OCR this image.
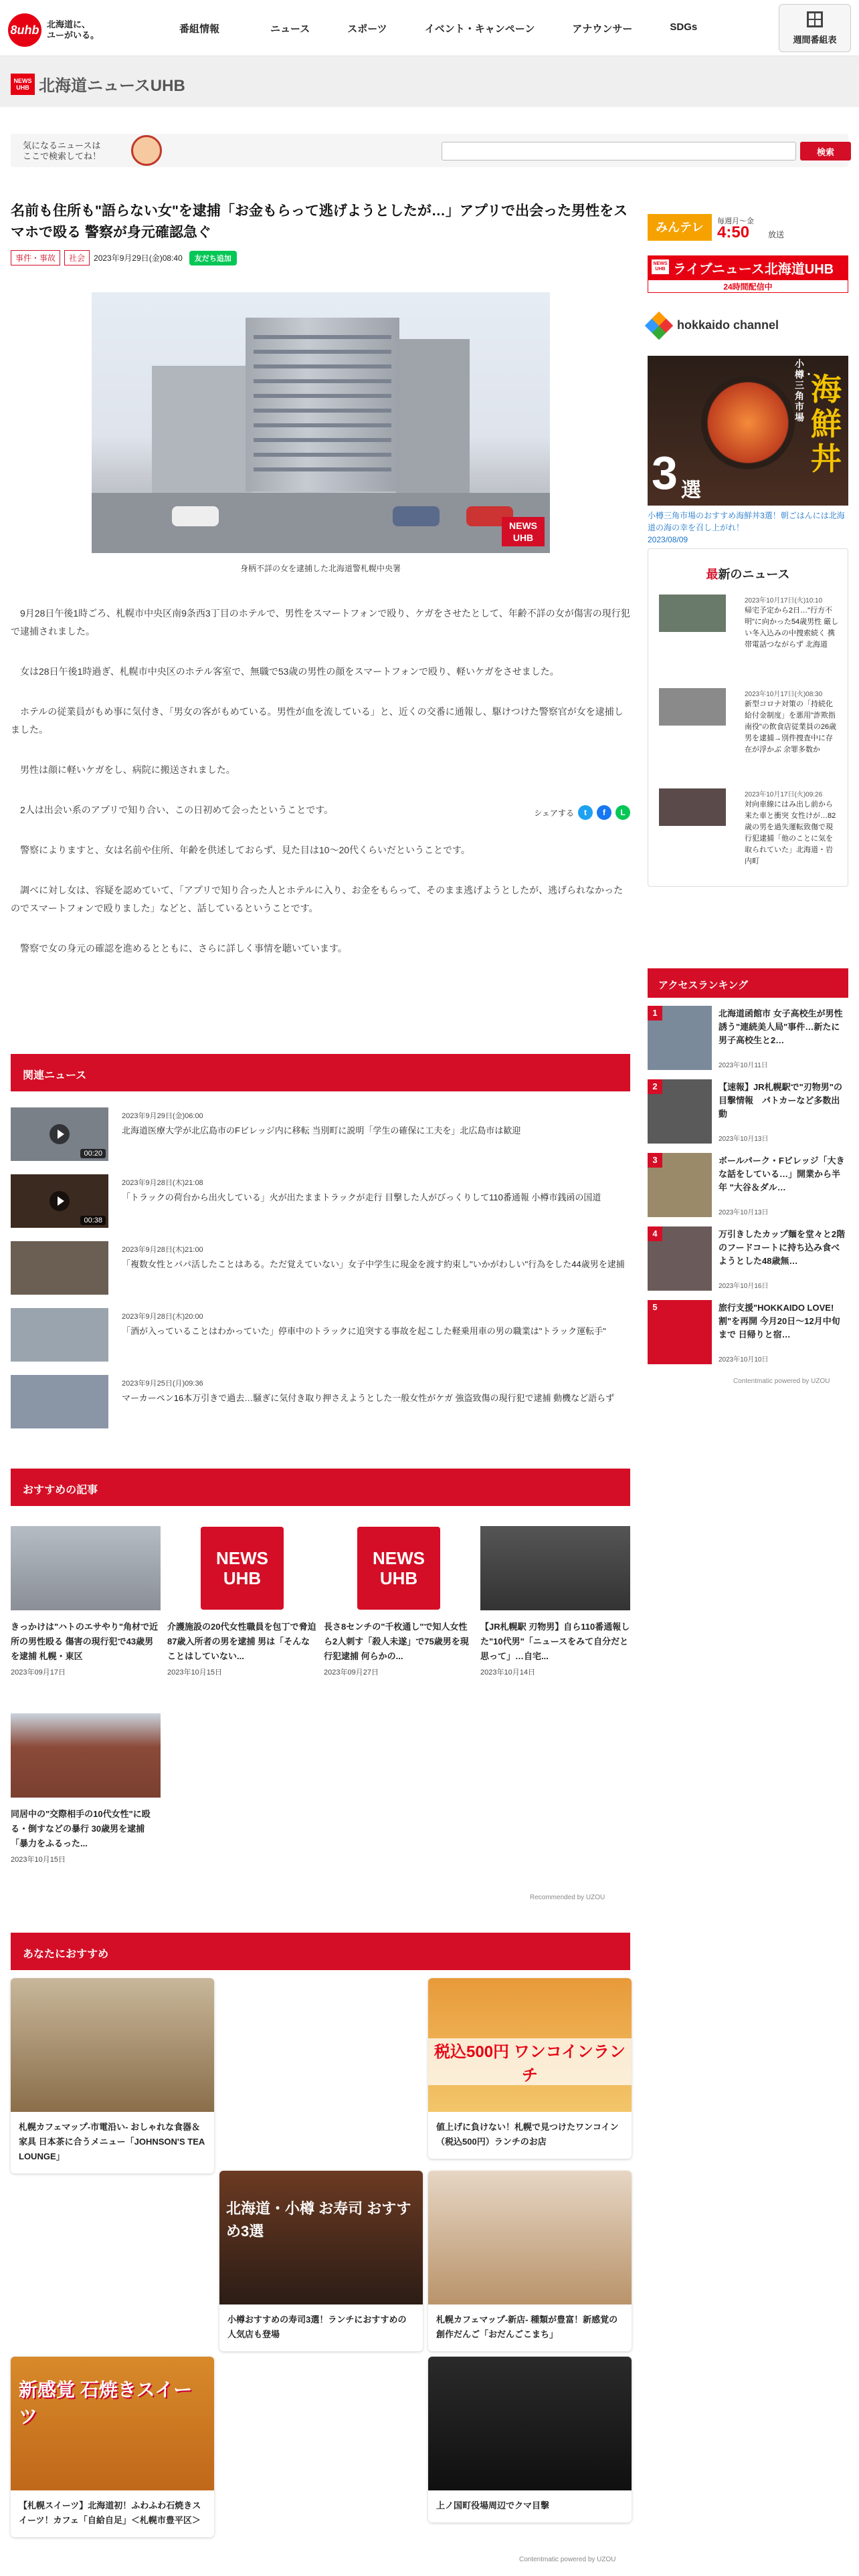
8uhb 北海道に、
ユーがいる。
番組情報	ニュース	スポーツ	イベント・キャンペーン	アナウンサー	SDGs
週間番組表
NEWS UHB 北海道ニュースUHB
気になるニュースは
ここで検索してね！	検索
名前も住所も"語らない女"を逮捕「お金もらって逃げようとしたが…」アプリで出会った男性をスマホで殴る 警察が身元確認急ぐ
事件・事故	社会	2023年9月29日(金)08:40	友だち追加
NEWS UHB
身柄不詳の女を逮捕した北海道警札幌中央署

9月28日午後1時ごろ、札幌市中央区南9条西3丁目のホテルで、男性をスマートフォンで殴り、ケガをさせたとして、年齢不詳の女が傷害の現行犯で逮捕されました。

女は28日午後1時過ぎ、札幌市中央区のホテル客室で、無職で53歳の男性の顔をスマートフォンで殴り、軽いケガをさせました。

ホテルの従業員がもめ事に気付き、「男女の客がもめている。男性が血を流している」と、近くの交番に通報し、駆けつけた警察官が女を逮捕しました。

男性は顔に軽いケガをし、病院に搬送されました。

2人は出会い系のアプリで知り合い、この日初めて会ったということです。

警察によりますと、女は名前や住所、年齢を供述しておらず、見た目は10～20代くらいだということです。

調べに対し女は、容疑を認めていて、「アプリで知り合った人とホテルに入り、お金をもらって、そのまま逃げようとしたが、逃げられなかったのでスマートフォンで殴りました」などと、話しているということです。

警察で女の身元の確認を進めるとともに、さらに詳しく事情を聴いています。

シェアする	t	f	L
関連ニュース
00:20
2023年9月29日(金)06:00
北海道医療大学が北広島市のFビレッジ内に移転 当別町に説明「学生の確保に工夫を」北広島市は歓迎
00:38
2023年9月28日(木)21:08
「トラックの荷台から出火している」火が出たままトラックが走行 目撃した人がびっくりして110番通報 小樽市銭函の国道
2023年9月28日(木)21:00
「複数女性とパパ活したことはある。ただ覚えていない」女子中学生に現金を渡す約束し"いかがわしい"行為をした44歳男を逮捕
2023年9月28日(木)20:00
「酒が入っていることはわかっていた」停車中のトラックに追突する事故を起こした軽乗用車の男の職業は"トラック運転手"
2023年9月25日(月)09:36
マーカーペン16本万引きで過去…騒ぎに気付き取り押さえようとした一般女性がケガ 強盗致傷の現行犯で逮捕 動機など語らず
おすすめの記事
きっかけは"ハトのエサやり"角材で近所の男性殴る 傷害の現行犯で43歳男を逮捕 札幌・東区
2023年09月17日
NEWS UHB
介護施設の20代女性職員を包丁で脅迫 87歳入所者の男を逮捕 男は「そんなことはしていない...
2023年10月15日
NEWS UHB
長さ8センチの"千枚通し"で知人女性ら2人刺す「殺人未遂」で75歳男を現行犯逮捕 何らかの...
2023年09月27日
【JR札幌駅 刃物男】自ら110番通報した"10代男"「ニュースをみて自分だと思って」…自宅...
2023年10月14日
同居中の"交際相手の10代女性"に殴る・倒すなどの暴行 30歳男を逮捕 「暴力をふるった...
2023年10月15日
Recommended by UZOU
あなたにおすすめ
札幌カフェマップ-市電沿い- おしゃれな食器＆家具 日本茶に合うメニュー「JOHNSON'S TEA LOUNGE」
税込500円 ワンコインランチ
値上げに負けない！札幌で見つけたワンコイン（税込500円）ランチのお店
北海道・小樽 お寿司 おすすめ3選
小樽おすすめの寿司3選！ランチにおすすめの人気店も登場
札幌カフェマップ-新店- 種類が豊富！新感覚の創作だんご「おだんごこまち」
新感覚 石焼きスイーツ
【札幌スイーツ】北海道初！ふわふわ石焼きスイーツ！カフェ「自給自足」＜札幌市豊平区＞
上ノ国町役場周辺でクマ目撃
Contentmatic powered by UZOU
みんテレ	毎週月～金
4:50 放送
NEWS UHB ライブニュース北海道UHB
24時間配信中
hokkaido channel
小樽・三角市場
海鮮丼
3 選
小樽三角市場のおすすめ海鮮丼3選！朝ごはんには北海道の海の幸を召し上がれ！
2023/08/09
最新のニュース
2023年10月17日(火)10:10
帰宅予定から2日…"行方不明"に向かった54歳男性 厳しい冬入込みの中捜索続く 携帯電話つながらず 北海道
2023年10月17日(火)08:30
新型コロナ対策の「持続化給付金制度」を悪用"詐欺指南役"の飲食店従業員の26歳男を逮捕→別件捜査中に存在が浮かぶ 余罪多数か
2023年10月17日(火)09:26
対向車線にはみ出し前から来た車と衝突 女性けが…82歳の男を過失運転致傷で現行犯逮捕「他のことに気を取られていた」北海道・岩内町
アクセスランキング
1	北海道函館市 女子高校生が男性誘う"連続美人局"事件…新たに男子高校生と2…
2023年10月11日
2	【速報】JR札幌駅で"刃物男"の目撃情報　パトカーなど多数出動
2023年10月13日
3	ボールパーク・Fビレッジ「大きな話をしている…」開業から半年 "大谷＆ダル…
2023年10月13日
4	万引きしたカップ麺を堂々と2階のフードコートに持ち込み食べようとした48歳無…
2023年10月16日
5	旅行支援"HOKKAIDO LOVE!割"を再開 今月20日～12月中旬まで 日帰りと宿…
2023年10月10日
Contentmatic powered by UZOU
